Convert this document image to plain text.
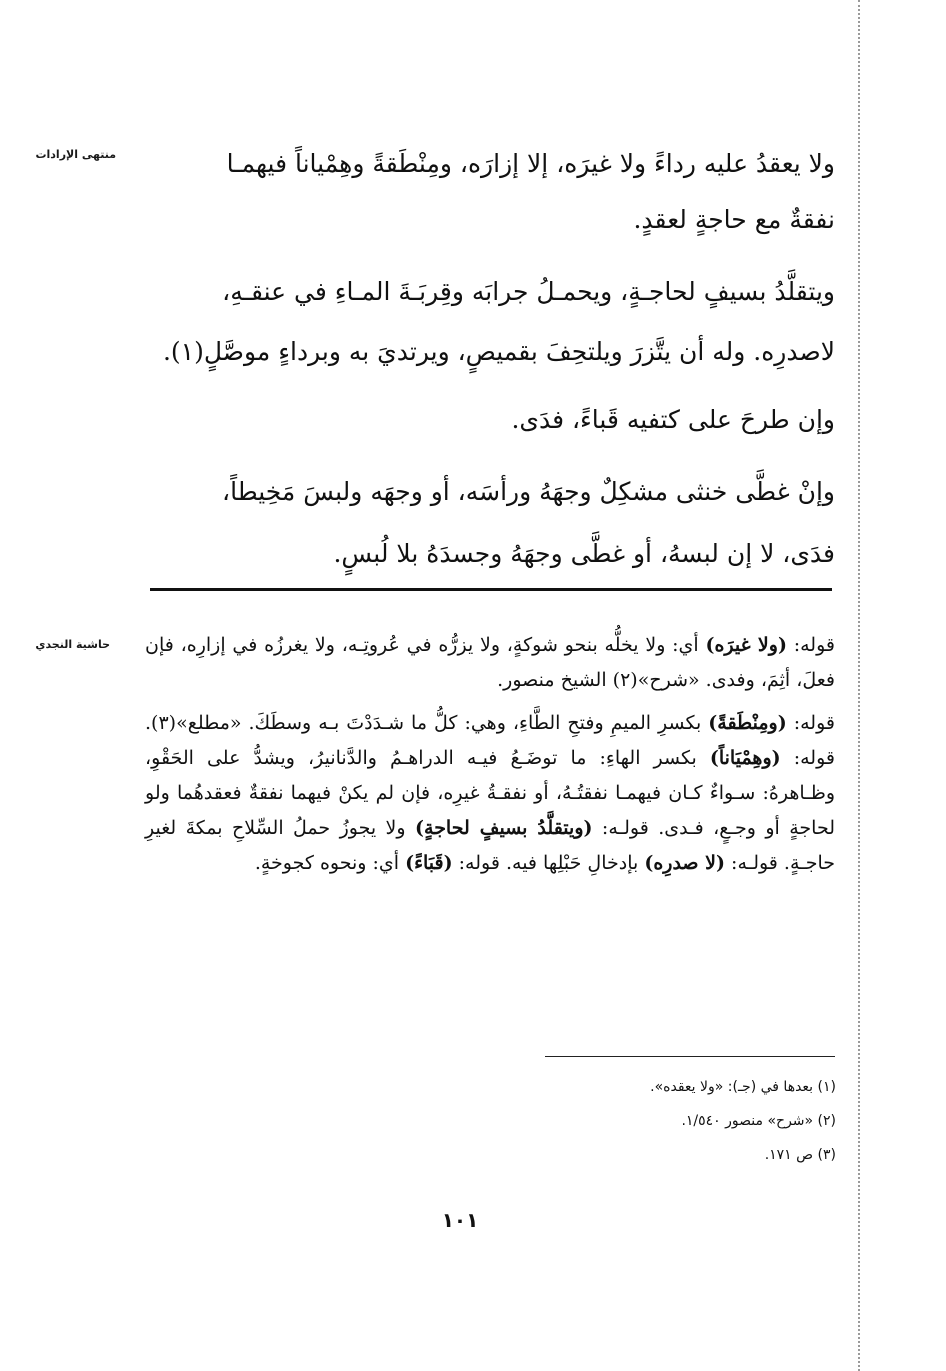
منتهى الإرادات
حاشية النجدي

ولا يعقدُ عليه رداءً ولا غيرَه، إلا إزارَه، ومِنْطَقةً وهِمْياناً فيهمـا

نفقةٌ مع حاجةٍ لعقدٍ.

ويتقلَّدُ بسيفٍ لحاجـةٍ، ويحمـلُ جرابَه وقِربَـةَ المـاءِ في عنقـهِ،

لاصدرِه. وله أن يتَّزرَ ويلتحِفَ بقميصٍ، ويرتديَ به وبرداءٍ موصَّلٍ(١).

وإن طرحَ على كتفيه قَباءً، فدَى.

وإنْ غطَّى خنثى مشكِلٌ وجهَهُ ورأسَه، أو وجهَه ولبسَ مَخِيطاً،

فدَى، لا إن لبسهُ، أو غطَّى وجهَهُ وجسدَهُ بلا لُبسٍ.

قوله: (ولا غيرَه) أي: ولا يخلُّه بنحو شوكةٍ، ولا يزرُّه في عُروتِـه، ولا يغرزُه في إزارِه، فإن فعلَ، أثِمَ، وفدى. «شرح»(٢) الشيخ منصور.

قوله: (ومِنْطَقةً) بكسرِ الميمِ وفتحِ الطَّاءِ، وهي: كلُّ ما شـدَدْتَ بـه وسطَكَ. «مطلع»(٣). قوله: (وهِمْيَاناً) بكسر الهاءِ: ما توضَـعُ فيـه الدراهـمُ والدَّنانيرُ، ويشدُّ على الحَقْوِ، وظـاهرهُ: سـواءٌ كـان فيهمـا نفقتُـهُ، أو نفقـةُ غيرِه، فإن لم يكنْ فيهما نفقةٌ فعقدهُما ولو لحاجةٍ أو وجـعٍ، فـدى. قولـه: (ويتقلَّدُ بسيفٍ لحاجةٍ) ولا يجوزُ حملُ السِّلاحِ بمكةَ لغيرِ حاجـةٍ. قولـه: (لا صدرِه) بإدخالِ حَبْلِها فيه. قوله: (قَبَاءً) أي: ونحوه كجوخةٍ.

(١) بعدها في (جـ): «ولا يعقده».
(٢) «شرح» منصور ١/٥٤٠.
(٣) ص ١٧١.
١٠١
